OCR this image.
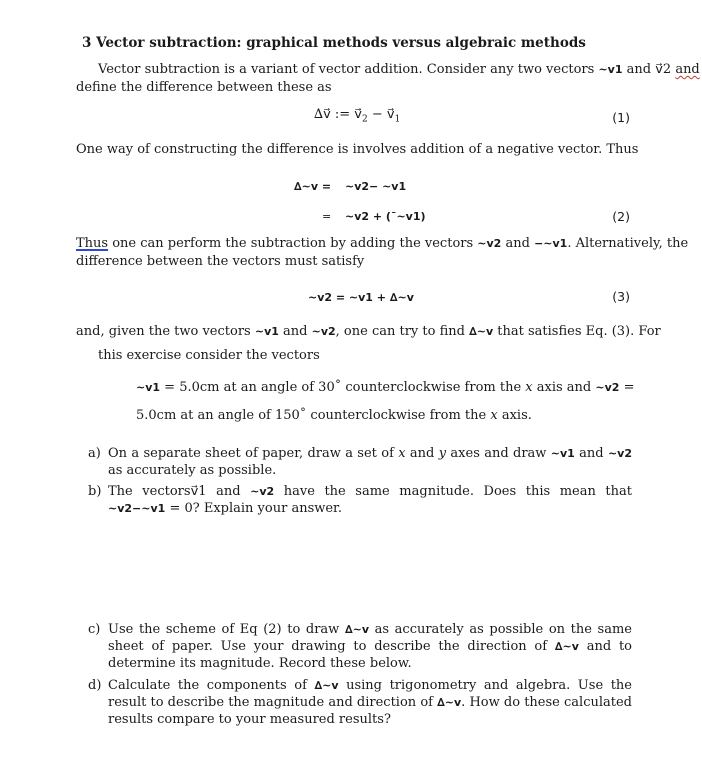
3 Vector subtraction: graphical methods versus algebraic methods
Vector subtraction is a variant of vector addition. Consider any two vectors ~v1 and v⃗2 and
define the difference between these as
∆v⃗ := $v⃗_2$ − $v⃗_1$	(1)
One way of constructing the difference is involves addition of a negative vector. Thus
∆~v = ~v2− ~v1
= ~v2 + (¯~v1)	(2)
Thus one can perform the subtraction by adding the vectors ~v2 and −~v1. Alternatively, the
difference between the vectors must satisfy
~v2 = ~v1 + ∆~v	(3)
and, given the two vectors ~v1 and ~v2, one can try to find ∆~v that satisfies Eq. (3). For
this exercise consider the vectors
~v1 = 5.0cm at an angle of 30˚ counterclockwise from the x axis and ~v2 =
5.0cm at an angle of 150˚ counterclockwise from the x axis.
a) On a separate sheet of paper, draw a set of x and y axes and draw ~v1 and ~v2 as accurately as possible.
b) The vectorsv⃗1 and ~v2 have the same magnitude. Does this mean that ~v2−~v1 = 0? Explain your answer.
c) Use the scheme of Eq (2) to draw ∆~v as accurately as possible on the same sheet of paper. Use your drawing to describe the direction of ∆~v and to determine its magnitude. Record these below.
d) Calculate the components of ∆~v using trigonometry and algebra. Use the result to describe the magnitude and direction of ∆~v. How do these calculated results compare to your measured results?
